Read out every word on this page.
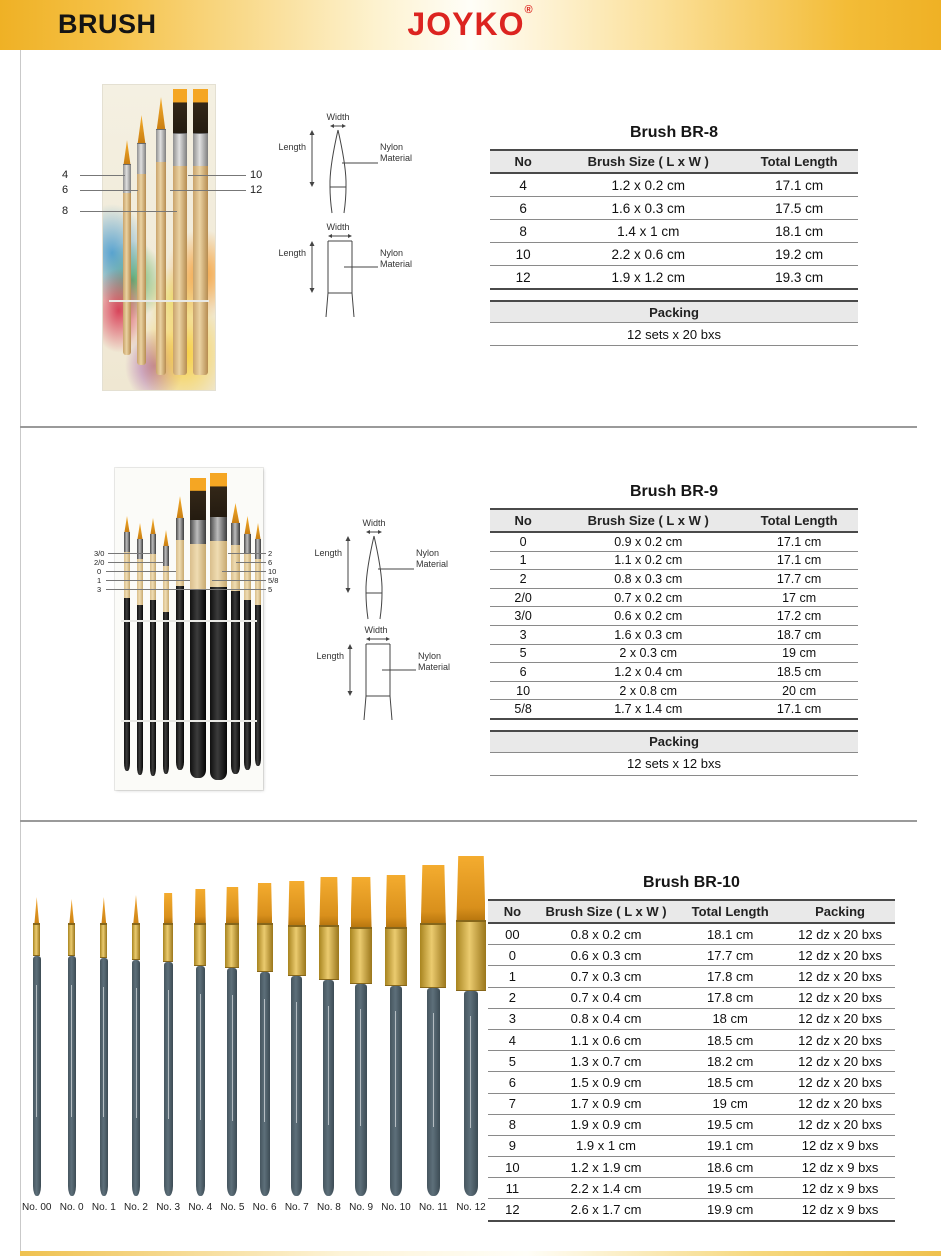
BRUSH	JOYKO®
4
6
8
10
12
Width
Length	Nylon Material
Width
Length	Nylon Material
Brush BR-8
No	Brush Size ( L x W )	Total Length
4	1.2 x 0.2 cm	17.1 cm
6	1.6 x 0.3 cm	17.5 cm
8	1.4 x 1 cm	18.1 cm
10	2.2 x 0.6 cm	19.2 cm
12	1.9 x 1.2 cm	19.3 cm
Packing
12 sets x 20 bxs
3/0
2/0
0
1
3
2
6
10
5/8
5
Width
Length	Nylon Material
Width
Length	Nylon Material
Brush BR-9
No	Brush Size ( L x W )	Total Length
0	0.9 x 0.2 cm	17.1 cm
1	1.1 x 0.2 cm	17.1 cm
2	0.8 x 0.3 cm	17.7 cm
2/0	0.7 x 0.2 cm	17 cm
3/0	0.6 x 0.2 cm	17.2 cm
3	1.6 x 0.3 cm	18.7 cm
5	2 x 0.3 cm	19 cm
6	1.2 x 0.4 cm	18.5 cm
10	2 x 0.8 cm	20 cm
5/8	1.7 x 1.4 cm	17.1 cm
Packing
12 sets x 12 bxs
No. 00 No. 0 No. 1 No. 2 No. 3 No. 4 No. 5 No. 6 No. 7 No. 8 No. 9 No. 10 No. 11 No. 12
Brush BR-10
No	Brush Size ( L x W )	Total Length	Packing
00	0.8 x 0.2 cm	18.1 cm	12 dz x 20 bxs
0	0.6 x 0.3 cm	17.7 cm	12 dz x 20 bxs
1	0.7 x 0.3 cm	17.8 cm	12 dz x 20 bxs
2	0.7 x 0.4 cm	17.8 cm	12 dz x 20 bxs
3	0.8 x 0.4 cm	18 cm	12 dz x 20 bxs
4	1.1 x 0.6 cm	18.5 cm	12 dz x 20 bxs
5	1.3 x 0.7 cm	18.2 cm	12 dz x 20 bxs
6	1.5 x 0.9 cm	18.5 cm	12 dz x 20 bxs
7	1.7 x 0.9 cm	19 cm	12 dz x 20 bxs
8	1.9 x 0.9 cm	19.5 cm	12 dz x 20 bxs
9	1.9 x 1 cm	19.1 cm	12 dz x 9 bxs
10	1.2 x 1.9 cm	18.6 cm	12 dz x 9 bxs
11	2.2 x 1.4 cm	19.5 cm	12 dz x 9 bxs
12	2.6 x 1.7 cm	19.9 cm	12 dz x 9 bxs
